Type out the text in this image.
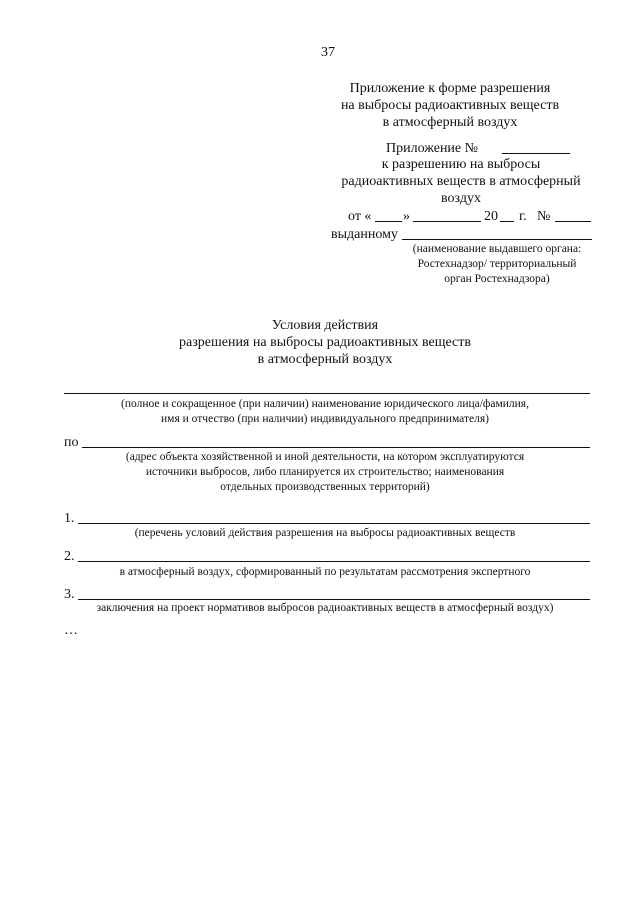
37
Приложение к форме разрешения
на выбросы радиоактивных веществ
в атмосферный воздух
Приложение №
к разрешению на выбросы
радиоактивных веществ в атмосферный
воздух
от « »	20 г. №
выданному
(наименование выдавшего органа:
Ростехнадзор/ территориальный
орган Ростехнадзора)
Условия действия
разрешения на выбросы радиоактивных веществ
в атмосферный воздух
(полное и сокращенное (при наличии) наименование юридического лица/фамилия,
имя и отчество (при наличии) индивидуального предпринимателя)
по
(адрес объекта хозяйственной и иной деятельности, на котором эксплуатируются
источники выбросов, либо планируется их строительство; наименования
отдельных производственных территорий)
1.
(перечень условий действия разрешения на выбросы радиоактивных веществ
2.
в атмосферный воздух, сформированный по результатам рассмотрения экспертного
3.
заключения на проект нормативов выбросов радиоактивных веществ в атмосферный воздух)
…
